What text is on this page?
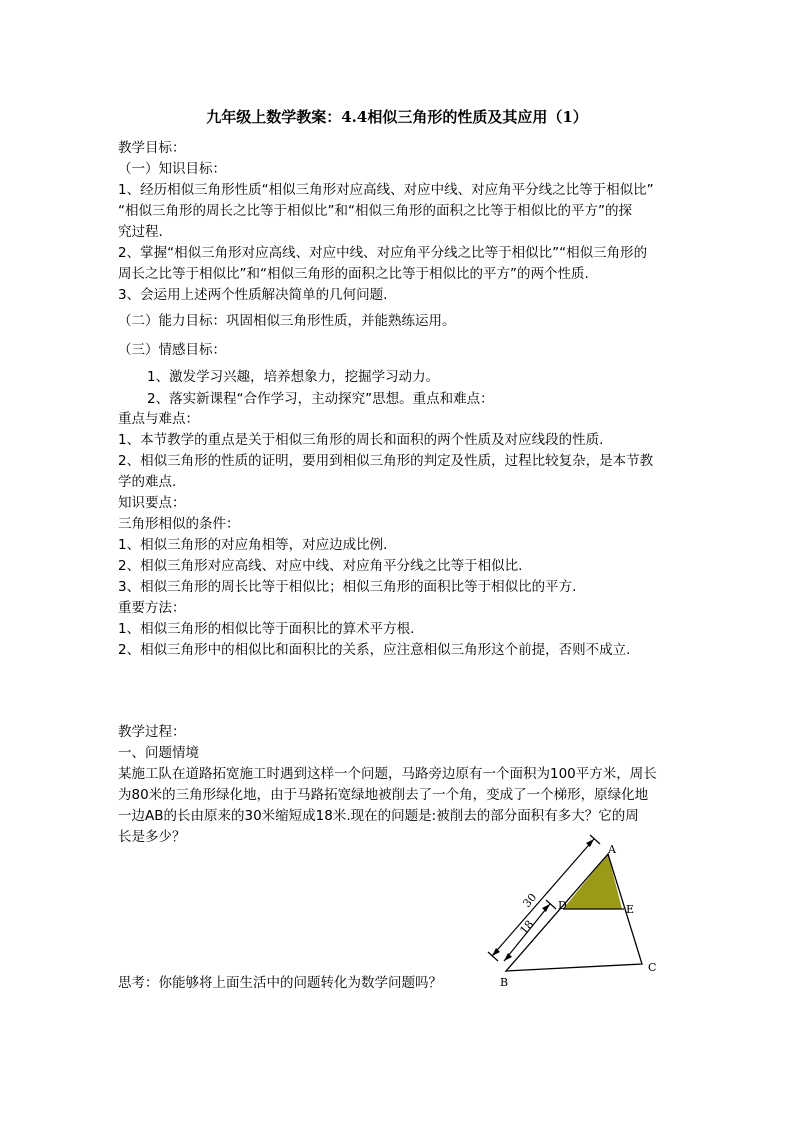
九年级上数学教案：4.4相似三角形的性质及其应用（1）
教学目标：
（一）知识目标：
1、经历相似三角形性质“相似三角形对应高线、对应中线、对应角平分线之比等于相似比”
“相似三角形的周长之比等于相似比”和“相似三角形的面积之比等于相似比的平方”的探
究过程.
2、掌握“相似三角形对应高线、对应中线、对应角平分线之比等于相似比”“相似三角形的
周长之比等于相似比”和“相似三角形的面积之比等于相似比的平方”的两个性质.
3、会运用上述两个性质解决简单的几何问题.
（二）能力目标：巩固相似三角形性质，并能熟练运用。
（三）情感目标：
1、激发学习兴趣，培养想象力，挖掘学习动力。
2、落实新课程“合作学习，主动探究”思想。重点和难点：
重点与难点：
1、本节教学的重点是关于相似三角形的周长和面积的两个性质及对应线段的性质.
2、相似三角形的性质的证明，要用到相似三角形的判定及性质，过程比较复杂，是本节教
学的难点.
知识要点：
三角形相似的条件：
1、相似三角形的对应角相等，对应边成比例.
2、相似三角形对应高线、对应中线、对应角平分线之比等于相似比.
3、相似三角形的周长比等于相似比；相似三角形的面积比等于相似比的平方.
重要方法：
1、相似三角形的相似比等于面积比的算术平方根.
2、相似三角形中的相似比和面积比的关系，应注意相似三角形这个前提，否则不成立.
教学过程：
一、问题情境
某施工队在道路拓宽施工时遇到这样一个问题，马路旁边原有一个面积为100平方米，周长
为80米的三角形绿化地，由于马路拓宽绿地被削去了一个角，变成了一个梯形，原绿化地
一边AB的长由原来的30米缩短成18米.现在的问题是:被削去的部分面积有多大？它的周
长是多少？
思考：你能够将上面生活中的问题转化为数学问题吗？
30
18
A
B
C
D	E
